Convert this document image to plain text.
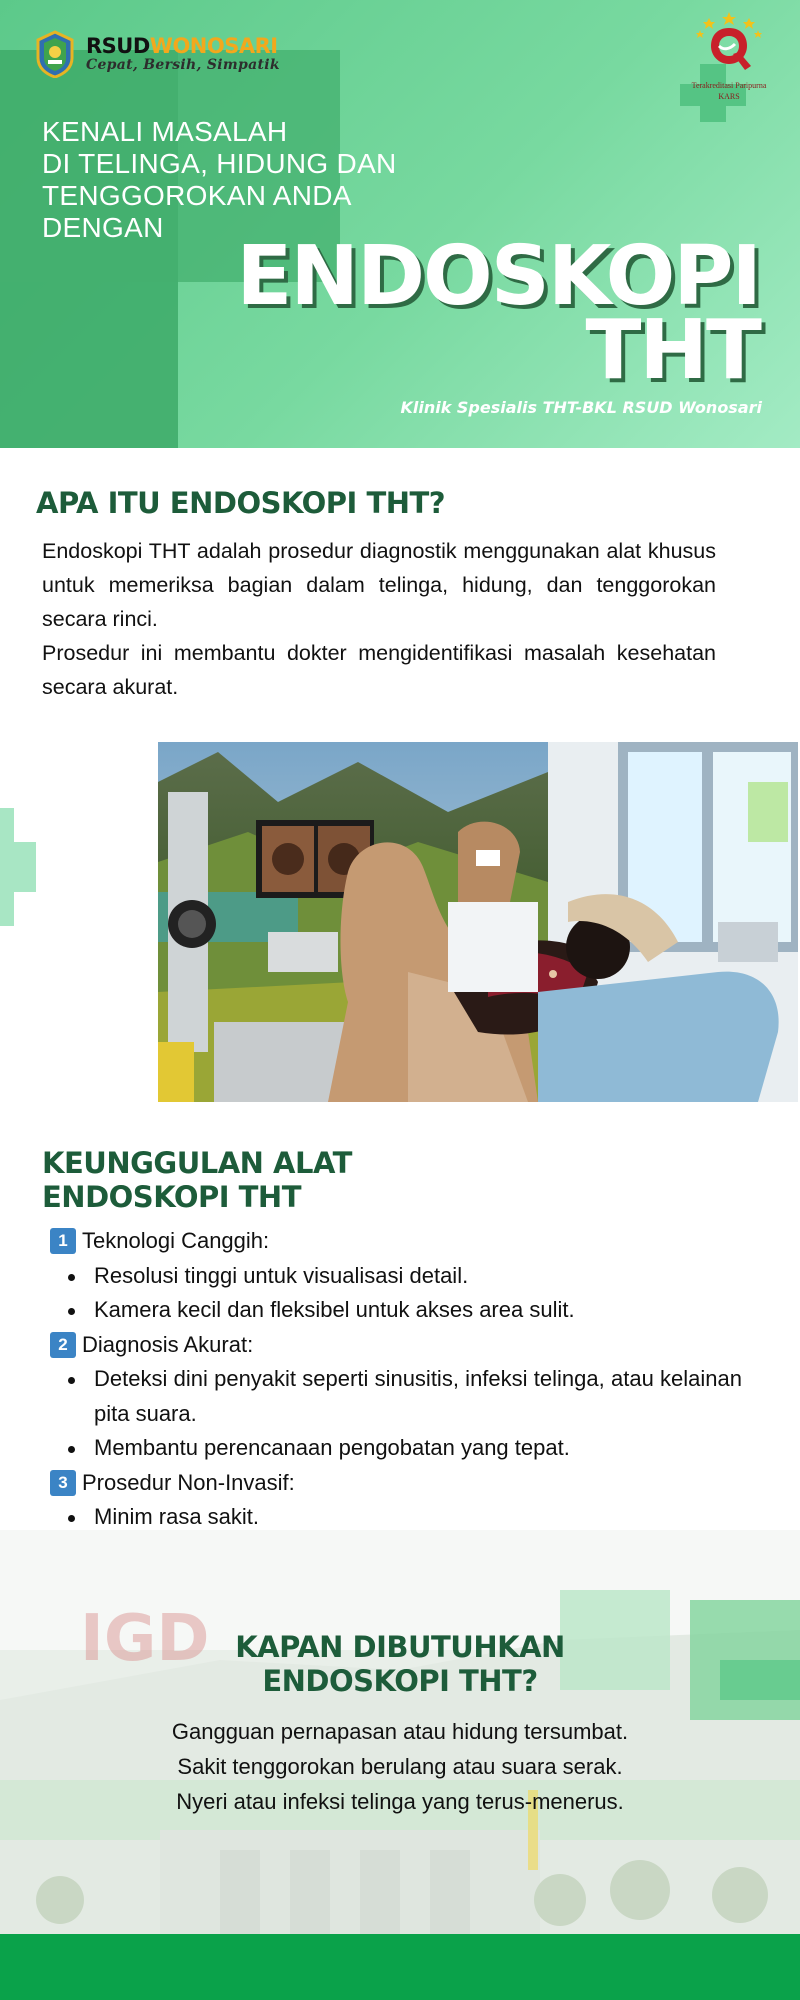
RSUDWONOSARI
Cepat, Bersih, Simpatik
Terakreditasi Paripurna
KARS
KENALI MASALAH
DI TELINGA, HIDUNG DAN
TENGGOROKAN ANDA
DENGAN
ENDOSKOPI
THT
Klinik Spesialis THT-BKL RSUD Wonosari
APA ITU ENDOSKOPI THT?

Endoskopi THT adalah prosedur diagnostik menggunakan alat khusus untuk memeriksa bagian dalam telinga, hidung, dan tenggorokan secara rinci.

Prosedur ini membantu dokter mengidentifikasi masalah kesehatan secara akurat.

KEUNGGULAN ALAT
ENDOSKOPI THT
1 Teknologi Canggih:
Resolusi tinggi untuk visualisasi detail.
Kamera kecil dan fleksibel untuk akses area sulit.
2 Diagnosis Akurat:
Deteksi dini penyakit seperti sinusitis, infeksi telinga, atau kelainan pita suara.
Membantu perencanaan pengobatan yang tepat.
3 Prosedur Non-Invasif:
Minim rasa sakit.
IGD KAPAN DIBUTUHKAN
ENDOSKOPI THT?
Gangguan pernapasan atau hidung tersumbat.
Sakit tenggorokan berulang atau suara serak.
Nyeri atau infeksi telinga yang terus-menerus.
